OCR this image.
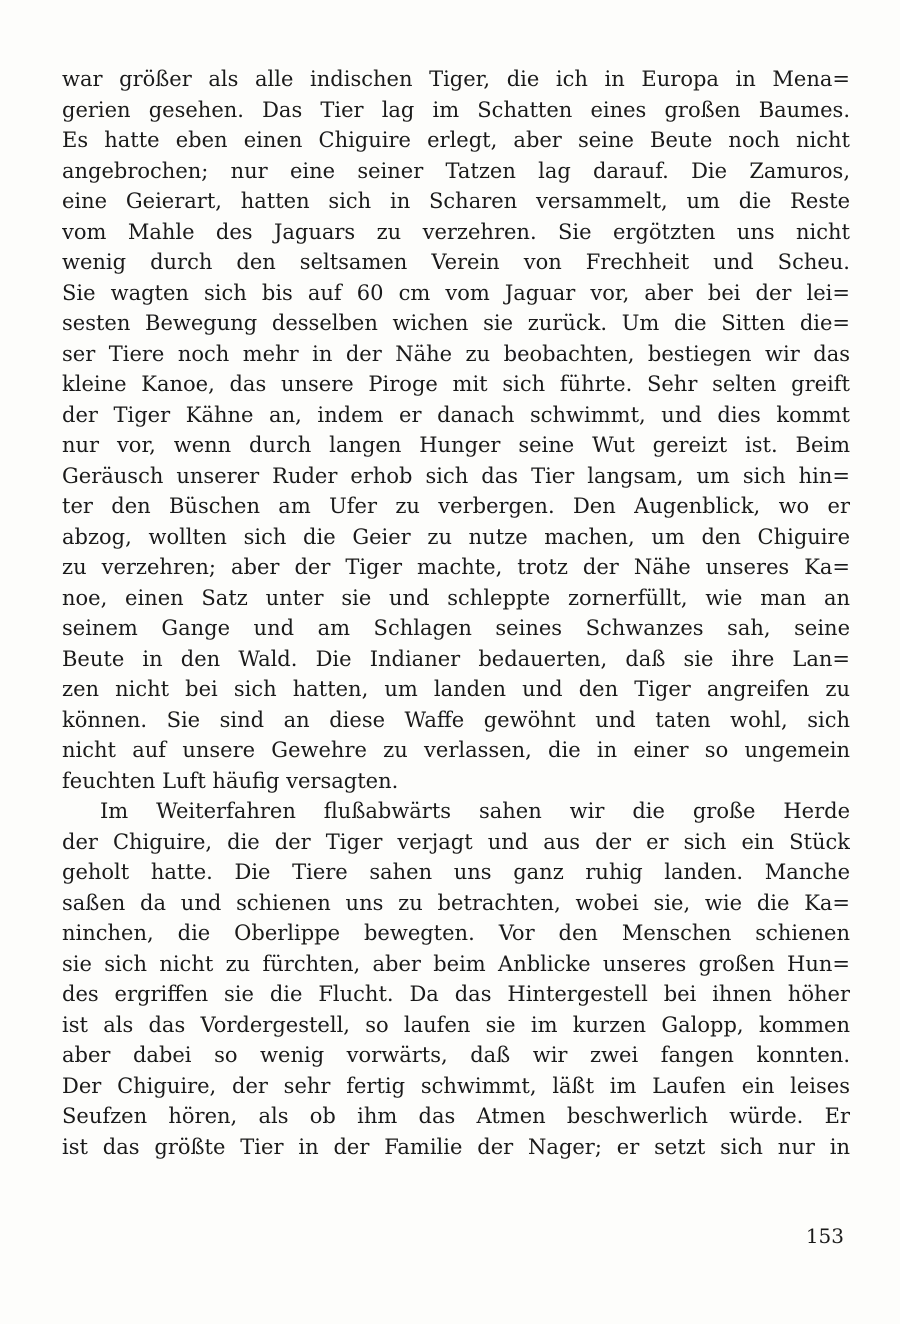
war größer als alle indischen Tiger, die ich in Europa in Mena=
gerien gesehen. Das Tier lag im Schatten eines großen Baumes.
Es hatte eben einen Chiguire erlegt, aber seine Beute noch nicht
angebrochen; nur eine seiner Tatzen lag darauf. Die Zamuros,
eine Geierart, hatten sich in Scharen versammelt, um die Reste
vom Mahle des Jaguars zu verzehren. Sie ergötzten uns nicht
wenig durch den seltsamen Verein von Frechheit und Scheu.
Sie wagten sich bis auf 60 cm vom Jaguar vor, aber bei der lei=
sesten Bewegung desselben wichen sie zurück. Um die Sitten die=
ser Tiere noch mehr in der Nähe zu beobachten, bestiegen wir das
kleine Kanoe, das unsere Piroge mit sich führte. Sehr selten greift
der Tiger Kähne an, indem er danach schwimmt, und dies kommt
nur vor, wenn durch langen Hunger seine Wut gereizt ist. Beim
Geräusch unserer Ruder erhob sich das Tier langsam, um sich hin=
ter den Büschen am Ufer zu verbergen. Den Augenblick, wo er
abzog, wollten sich die Geier zu nutze machen, um den Chiguire
zu verzehren; aber der Tiger machte, trotz der Nähe unseres Ka=
noe, einen Satz unter sie und schleppte zornerfüllt, wie man an
seinem Gange und am Schlagen seines Schwanzes sah, seine
Beute in den Wald. Die Indianer bedauerten, daß sie ihre Lan=
zen nicht bei sich hatten, um landen und den Tiger angreifen zu
können. Sie sind an diese Waffe gewöhnt und taten wohl, sich
nicht auf unsere Gewehre zu verlassen, die in einer so ungemein
feuchten Luft häufig versagten.
Im Weiterfahren flußabwärts sahen wir die große Herde
der Chiguire, die der Tiger verjagt und aus der er sich ein Stück
geholt hatte. Die Tiere sahen uns ganz ruhig landen. Manche
saßen da und schienen uns zu betrachten, wobei sie, wie die Ka=
ninchen, die Oberlippe bewegten. Vor den Menschen schienen
sie sich nicht zu fürchten, aber beim Anblicke unseres großen Hun=
des ergriffen sie die Flucht. Da das Hintergestell bei ihnen höher
ist als das Vordergestell, so laufen sie im kurzen Galopp, kommen
aber dabei so wenig vorwärts, daß wir zwei fangen konnten.
Der Chiguire, der sehr fertig schwimmt, läßt im Laufen ein leises
Seufzen hören, als ob ihm das Atmen beschwerlich würde. Er
ist das größte Tier in der Familie der Nager; er setzt sich nur in
153
